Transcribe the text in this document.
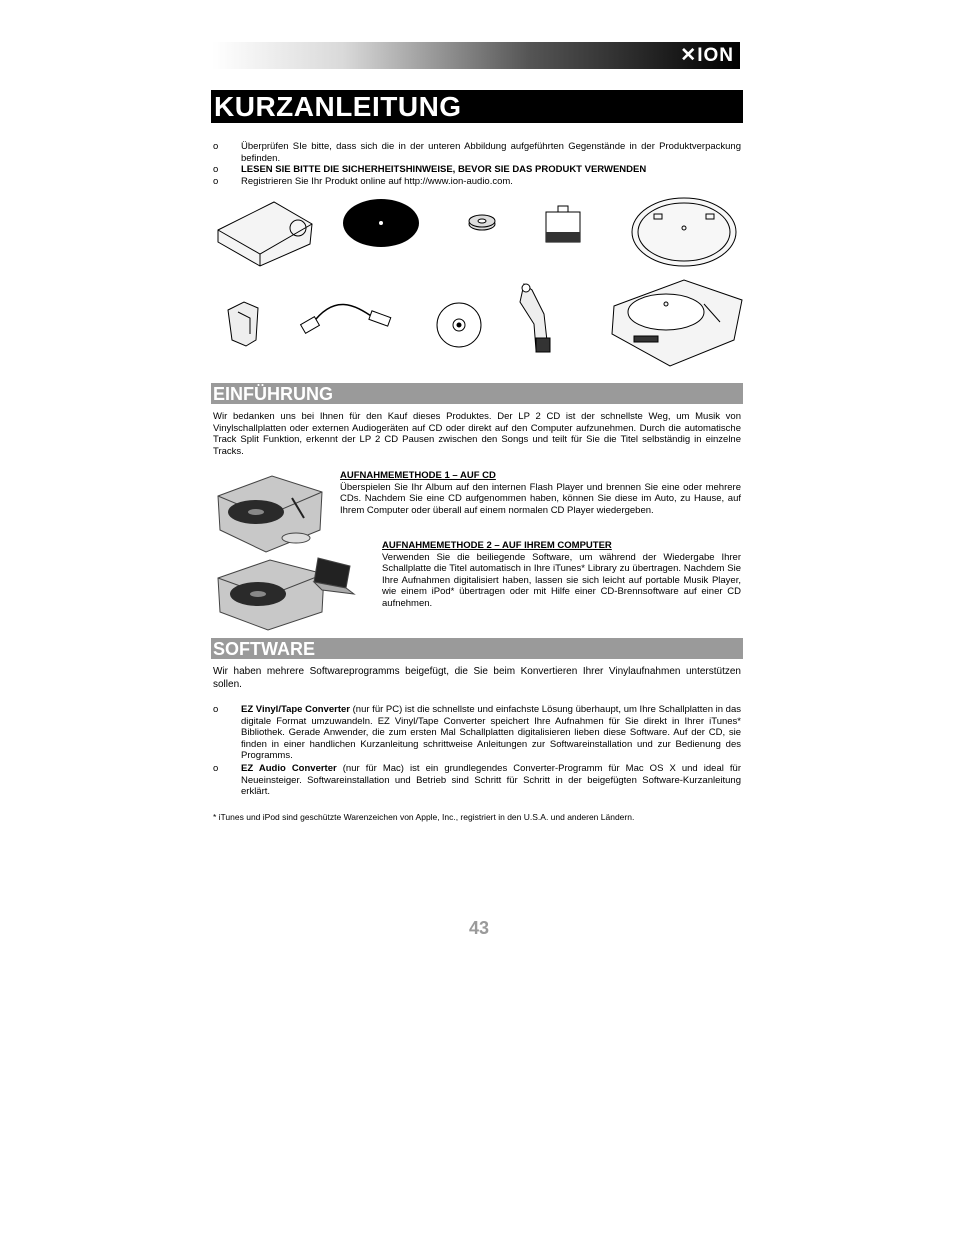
✕ION
KURZANLEITUNG
o Überprüfen SIe bitte, dass sich die in der unteren Abbildung aufgeführten Gegenstände in der Produktverpackung befinden.
o LESEN SIE BITTE DIE SICHERHEITSHINWEISE, BEVOR SIE DAS PRODUKT VERWENDEN
o Registrieren Sie Ihr Produkt online auf http://www.ion-audio.com.
EINFÜHRUNG
Wir bedanken uns bei Ihnen für den Kauf dieses Produktes. Der LP 2 CD ist der schnellste Weg, um Musik von Vinylschallplatten oder externen Audiogeräten auf CD oder direkt auf den Computer aufzunehmen. Durch die automatische Track Split Funktion, erkennt der LP 2 CD Pausen zwischen den Songs und teilt für Sie die Titel selbständig in einzelne Tracks.
AUFNAHMEMETHODE 1 – AUF CD
Überspielen Sie Ihr Album auf den internen Flash Player und brennen Sie eine oder mehrere CDs. Nachdem Sie eine CD aufgenommen haben, können Sie diese im Auto, zu Hause, auf Ihrem Computer oder überall auf einem normalen CD Player wiedergeben.
AUFNAHMEMETHODE 2 – AUF IHREM COMPUTER
Verwenden Sie die beiliegende Software, um während der Wiedergabe Ihrer Schallplatte die Titel automatisch in Ihre iTunes* Library zu übertragen. Nachdem Sie Ihre Aufnahmen digitalisiert haben, lassen sie sich leicht auf portable Musik Player, wie einem iPod* übertragen oder mit Hilfe einer CD-Brennsoftware auf einer CD aufnehmen.
SOFTWARE
Wir haben mehrere Softwareprogramms beigefügt, die Sie beim Konvertieren Ihrer Vinylaufnahmen unterstützen sollen.
o EZ Vinyl/Tape Converter (nur für PC) ist die schnellste und einfachste Lösung überhaupt, um Ihre Schallplatten in das digitale Format umzuwandeln. EZ Vinyl/Tape Converter speichert Ihre Aufnahmen für Sie direkt in Ihrer iTunes* Bibliothek. Gerade Anwender, die zum ersten Mal Schallplatten digitalisieren lieben diese Software. Auf der CD, sie finden in einer handlichen Kurzanleitung schrittweise Anleitungen zur Softwareinstallation und zur Bedienung des Programms.
o EZ Audio Converter (nur für Mac) ist ein grundlegendes Converter-Programm für Mac OS X und ideal für Neueinsteiger. Softwareinstallation und Betrieb sind Schritt für Schritt in der beigefügten Software-Kurzanleitung erklärt.
* iTunes und iPod sind geschützte Warenzeichen von Apple, Inc., registriert in den U.S.A. und anderen Ländern.
43
